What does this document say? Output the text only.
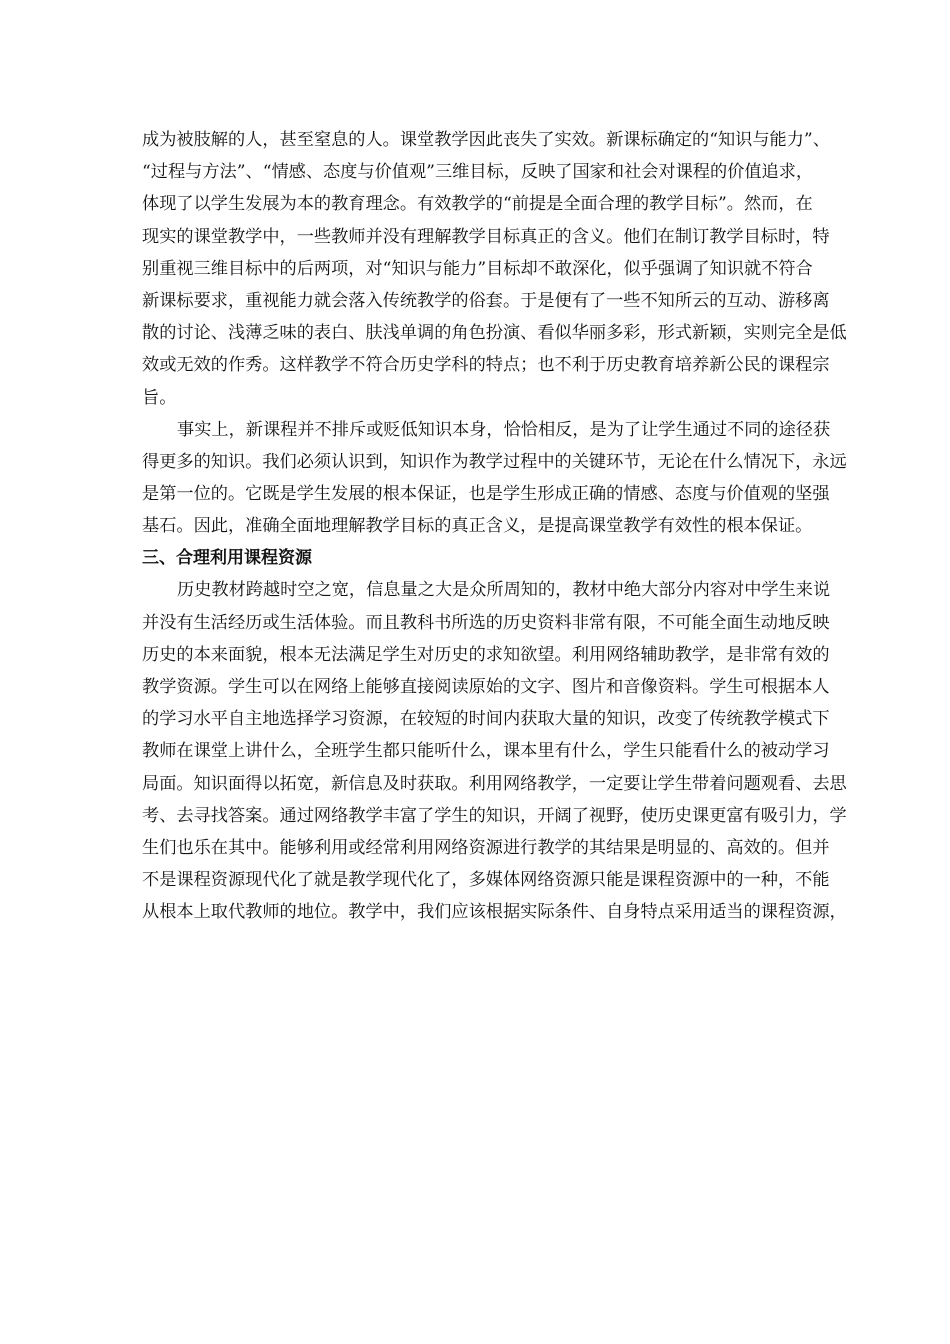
成为被肢解的人，甚至窒息的人。课堂教学因此丧失了实效。新课标确定的“知识与能力”、
“过程与方法”、“情感、态度与价值观”三维目标，反映了国家和社会对课程的价值追求，
体现了以学生发展为本的教育理念。有效教学的“前提是全面合理的教学目标”。然而，在
现实的课堂教学中，一些教师并没有理解教学目标真正的含义。他们在制订教学目标时，特
别重视三维目标中的后两项，对“知识与能力”目标却不敢深化，似乎强调了知识就不符合
新课标要求，重视能力就会落入传统教学的俗套。于是便有了一些不知所云的互动、游移离
散的讨论、浅薄乏味的表白、肤浅单调的角色扮演、看似华丽多彩，形式新颖，实则完全是低
效或无效的作秀。这样教学不符合历史学科的特点；也不利于历史教育培养新公民的课程宗
旨。
事实上，新课程并不排斥或贬低知识本身，恰恰相反，是为了让学生通过不同的途径获
得更多的知识。我们必须认识到，知识作为教学过程中的关键环节，无论在什么情况下，永远
是第一位的。它既是学生发展的根本保证，也是学生形成正确的情感、态度与价值观的坚强
基石。因此，准确全面地理解教学目标的真正含义，是提高课堂教学有效性的根本保证。
三、合理利用课程资源
历史教材跨越时空之宽，信息量之大是众所周知的，教材中绝大部分内容对中学生来说
并没有生活经历或生活体验。而且教科书所选的历史资料非常有限，不可能全面生动地反映
历史的本来面貌，根本无法满足学生对历史的求知欲望。利用网络辅助教学，是非常有效的
教学资源。学生可以在网络上能够直接阅读原始的文字、图片和音像资料。学生可根据本人
的学习水平自主地选择学习资源，在较短的时间内获取大量的知识，改变了传统教学模式下
教师在课堂上讲什么，全班学生都只能听什么，课本里有什么，学生只能看什么的被动学习
局面。知识面得以拓宽，新信息及时获取。利用网络教学，一定要让学生带着问题观看、去思
考、去寻找答案。通过网络教学丰富了学生的知识，开阔了视野，使历史课更富有吸引力，学
生们也乐在其中。能够利用或经常利用网络资源进行教学的其结果是明显的、高效的。但并
不是课程资源现代化了就是教学现代化了，多媒体网络资源只能是课程资源中的一种，不能
从根本上取代教师的地位。教学中，我们应该根据实际条件、自身特点采用适当的课程资源，
